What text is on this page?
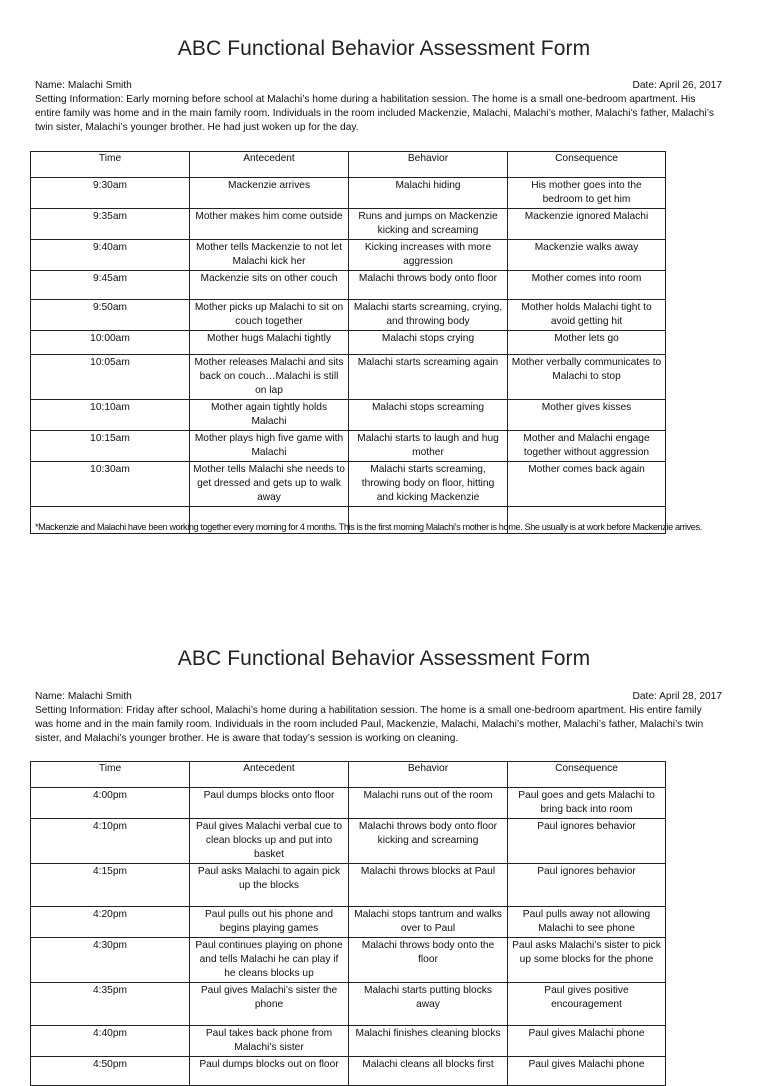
ABC Functional Behavior Assessment Form
Name: Malachi Smith	Date: April 26, 2017

Setting Information: Early morning before school at Malachi’s home during a habilitation session. The home is a small one-bedroom apartment. His entire family was home and in the main family room. Individuals in the room included Mackenzie, Malachi, Malachi’s mother, Malachi’s father, Malachi’s twin sister, Malachi’s younger brother. He had just woken up for the day.

Time	Antecedent	Behavior	Consequence
9:30am	Mackenzie arrives	Malachi hiding	His mother goes into the bedroom to get him
9:35am	Mother makes him come outside	Runs and jumps on Mackenzie kicking and screaming	Mackenzie ignored Malachi
9:40am	Mother tells Mackenzie to not let Malachi kick her	Kicking increases with more aggression	Mackenzie walks away
9:45am	Mackenzie sits on other couch	Malachi throws body onto floor	Mother comes into room
9:50am	Mother picks up Malachi to sit on couch together	Malachi starts screaming, crying, and throwing body	Mother holds Malachi tight to avoid getting hit
10:00am	Mother hugs Malachi tightly	Malachi stops crying	Mother lets go
10:05am	Mother releases Malachi and sits back on couch…Malachi is still on lap	Malachi starts screaming again	Mother verbally communicates to Malachi to stop
10:10am	Mother again tightly holds Malachi	Malachi stops screaming	Mother gives kisses
10:15am	Mother plays high five game with Malachi	Malachi starts to laugh and hug mother	Mother and Malachi engage together without aggression
10:30am	Mother tells Malachi she needs to get dressed and gets up to walk away	Malachi starts screaming, throwing body on floor, hitting and kicking Mackenzie	Mother comes back again

*Mackenzie and Malachi have been working together every morning for 4 months. This is the first morning Malachi’s mother is home. She usually is at work before Mackenzie arrives.

ABC Functional Behavior Assessment Form
Name: Malachi Smith	Date: April 28, 2017

Setting Information: Friday after school, Malachi’s home during a habilitation session. The home is a small one-bedroom apartment. His entire family was home and in the main family room. Individuals in the room included Paul, Mackenzie, Malachi, Malachi’s mother, Malachi’s father, Malachi’s twin sister, and Malachi’s younger brother. He is aware that today’s session is working on cleaning.

Time	Antecedent	Behavior	Consequence
4:00pm	Paul dumps blocks onto floor	Malachi runs out of the room	Paul goes and gets Malachi to bring back into room
4:10pm	Paul gives Malachi verbal cue to clean blocks up and put into basket	Malachi throws body onto floor kicking and screaming	Paul ignores behavior
4:15pm	Paul asks Malachi to again pick up the blocks	Malachi throws blocks at Paul	Paul ignores behavior
4:20pm	Paul pulls out his phone and begins playing games	Malachi stops tantrum and walks over to Paul	Paul pulls away not allowing Malachi to see phone
4:30pm	Paul continues playing on phone and tells Malachi he can play if he cleans blocks up	Malachi throws body onto the floor	Paul asks Malachi’s sister to pick up some blocks for the phone
4:35pm	Paul gives Malachi’s sister the phone	Malachi starts putting blocks away	Paul gives positive encouragement
4:40pm	Paul takes back phone from Malachi’s sister	Malachi finishes cleaning blocks	Paul gives Malachi phone
4:50pm	Paul dumps blocks out on floor	Malachi cleans all blocks first	Paul gives Malachi phone
